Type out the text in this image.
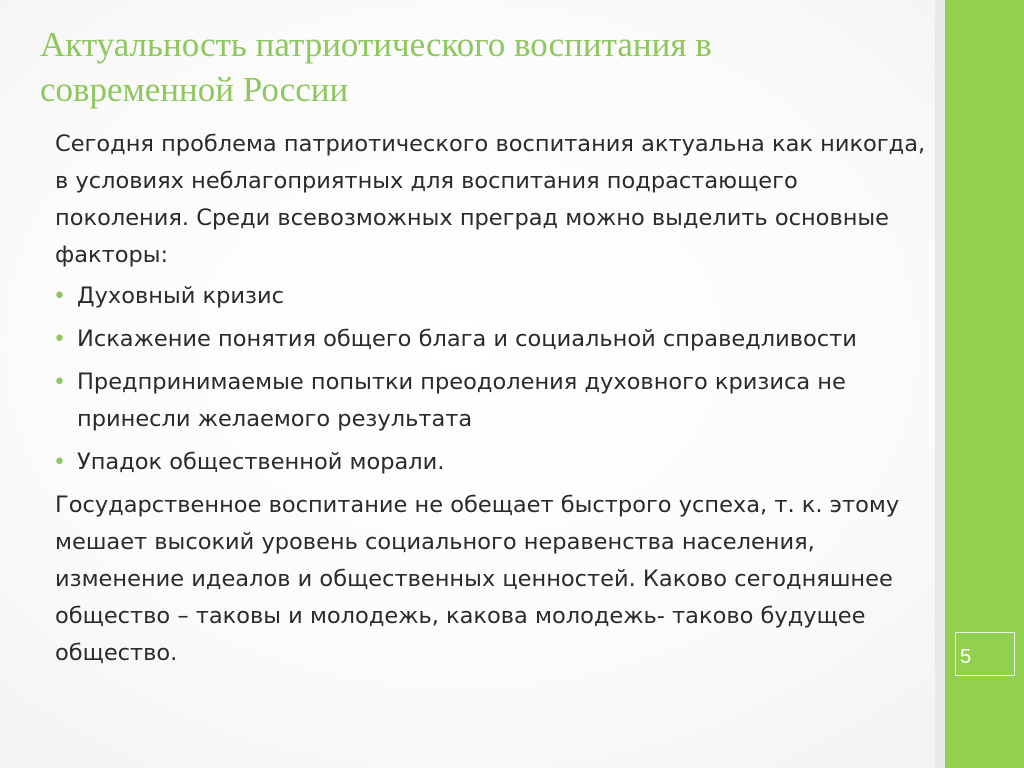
Актуальность патриотического воспитания в современной России

Сегодня проблема патриотического воспитания актуальна как никогда, в условиях неблагоприятных для воспитания подрастающего поколения. Среди всевозможных преград можно выделить основные факторы:

• Духовный кризис
• Искажение понятия общего блага и социальной справедливости
• Предпринимаемые попытки преодоления духовного кризиса не принесли желаемого результата
• Упадок общественной морали.

Государственное воспитание не обещает быстрого успеха, т. к. этому мешает высокий уровень социального неравенства населения, изменение идеалов и общественных ценностей. Каково сегодняшнее общество – таковы и молодежь, какова молодежь- таково будущее общество.	5
